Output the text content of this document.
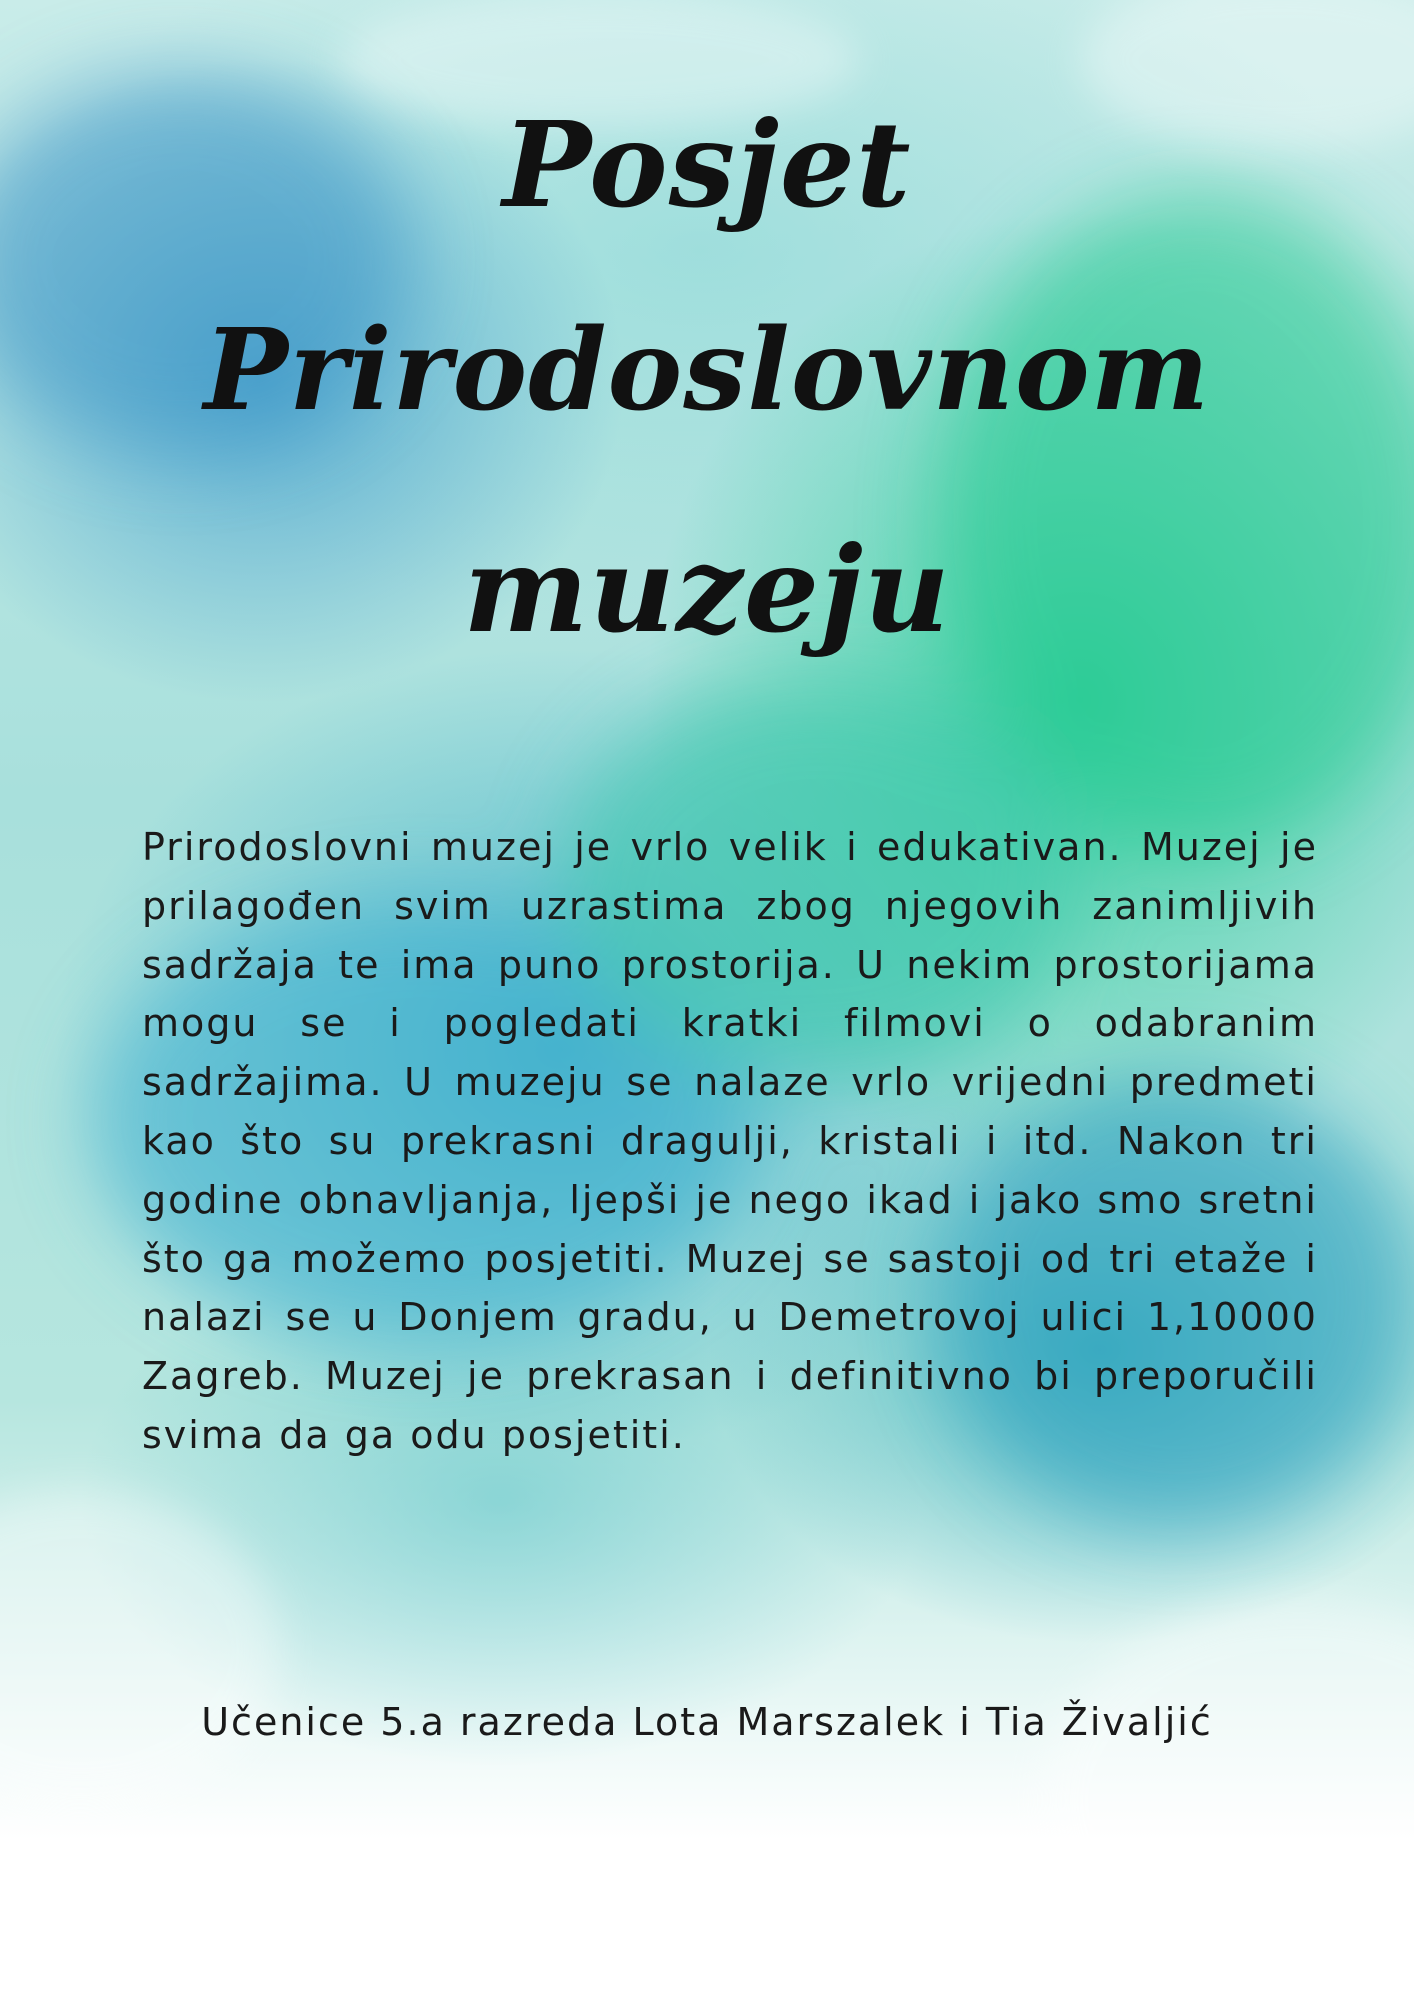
Posjet
Prirodoslovnom
muzeju

Prirodoslovni muzej je vrlo velik i edukativan. Muzej je prilagođen svim uzrastima zbog njegovih zanimljivih sadržaja te ima puno prostorija. U nekim prostorijama mogu se i pogledati kratki filmovi o odabranim sadržajima. U muzeju se nalaze vrlo vrijedni predmeti kao što su prekrasni dragulji, kristali i itd. Nakon tri godine obnavljanja, ljepši je nego ikad i jako smo sretni što ga možemo posjetiti. Muzej se sastoji od tri etaže i nalazi se u Donjem gradu, u Demetrovoj ulici 1,10000 Zagreb. Muzej je prekrasan i definitivno bi preporučili svima da ga odu posjetiti.

Učenice 5.a razreda Lota Marszalek i Tia Živaljić
